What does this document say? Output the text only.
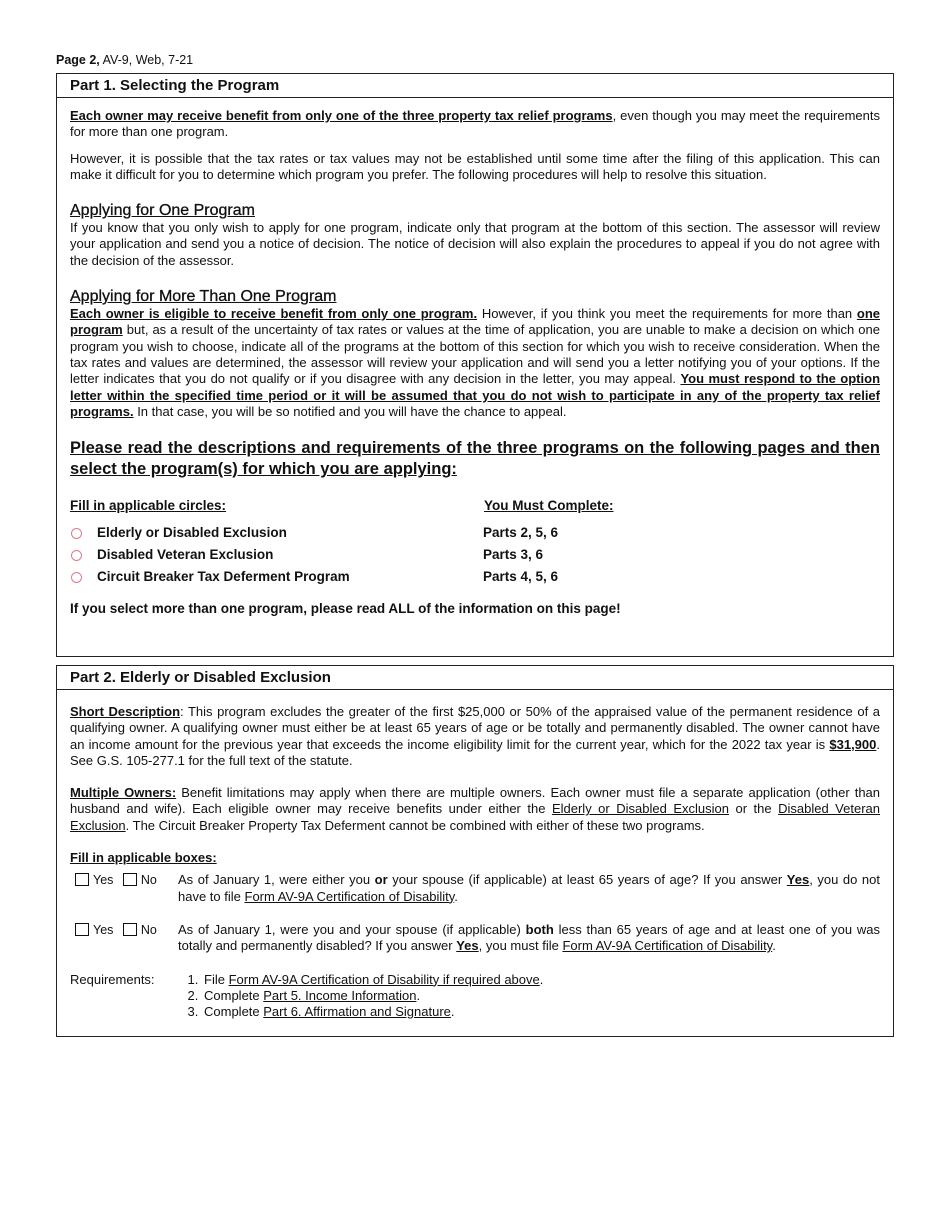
Page 2, AV-9, Web, 7-21
Part 1. Selecting the Program

Each owner may receive benefit from only one of the three property tax relief programs, even though you may meet the requirements for more than one program.

However, it is possible that the tax rates or tax values may not be established until some time after the filing of this application. This can make it difficult for you to determine which program you prefer. The following procedures will help to resolve this situation.

Applying for One Program

If you know that you only wish to apply for one program, indicate only that program at the bottom of this section. The assessor will review your application and send you a notice of decision. The notice of decision will also explain the procedures to appeal if you do not agree with the decision of the assessor.

Applying for More Than One Program

Each owner is eligible to receive benefit from only one program. However, if you think you meet the requirements for more than one program but, as a result of the uncertainty of tax rates or values at the time of application, you are unable to make a decision on which one program you wish to choose, indicate all of the programs at the bottom of this section for which you wish to receive consideration. When the tax rates and values are determined, the assessor will review your application and will send you a letter notifying you of your options. If the letter indicates that you do not qualify or if you disagree with any decision in the letter, you may appeal. You must respond to the option letter within the specified time period or it will be assumed that you do not wish to participate in any of the property tax relief programs. In that case, you will be so notified and you will have the chance to appeal.

Please read the descriptions and requirements of the three programs on the following pages and then select the program(s) for which you are applying:
Fill in applicable circles:	You Must Complete:
Elderly or Disabled Exclusion	Parts 2, 5, 6
Disabled Veteran Exclusion	Parts 3, 6
Circuit Breaker Tax Deferment Program	Parts 4, 5, 6
If you select more than one program, please read ALL of the information on this page!
Part 2. Elderly or Disabled Exclusion

Short Description: This program excludes the greater of the first $25,000 or 50% of the appraised value of the permanent residence of a qualifying owner. A qualifying owner must either be at least 65 years of age or be totally and permanently disabled. The owner cannot have an income amount for the previous year that exceeds the income eligibility limit for the current year, which for the 2022 tax year is $31,900. See G.S. 105-277.1 for the full text of the statute.

Multiple Owners: Benefit limitations may apply when there are multiple owners. Each owner must file a separate application (other than husband and wife). Each eligible owner may receive benefits under either the Elderly or Disabled Exclusion or the Disabled Veteran Exclusion. The Circuit Breaker Property Tax Deferment cannot be combined with either of these two programs.

Fill in applicable boxes:
Yes No	As of January 1, were either you or your spouse (if applicable) at least 65 years of age? If you answer Yes, you do not have to file Form AV-9A Certification of Disability.

Yes No	As of January 1, were you and your spouse (if applicable) both less than 65 years of age and at least one of you was totally and permanently disabled? If you answer Yes, you must file Form AV-9A Certification of Disability.

Requirements:
1.	File Form AV-9A Certification of Disability if required above.
2. Complete Part 5. Income Information.
3. Complete Part 6. Affirmation and Signature.
